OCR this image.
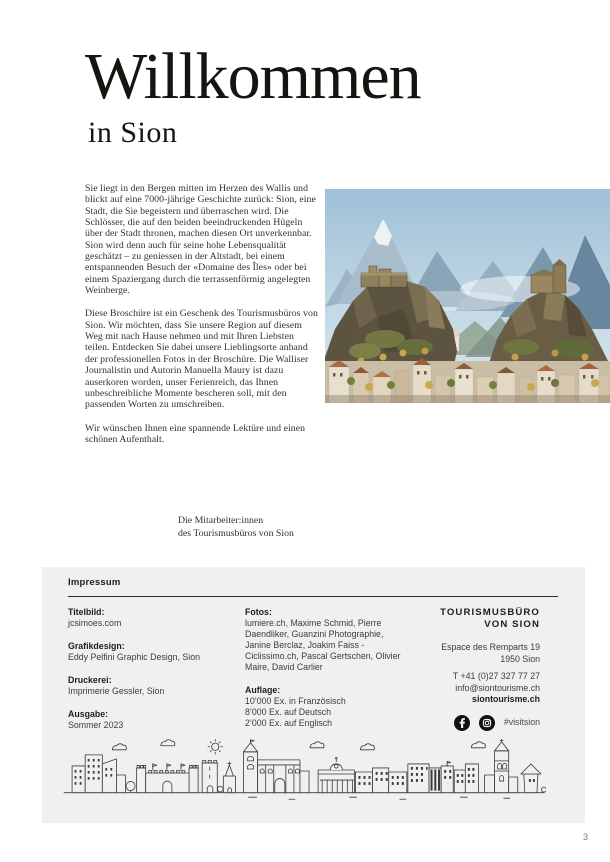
Willkommen
in Sion

Sie liegt in den Bergen mitten im Herzen des Wallis und blickt auf eine 7000-jährige Geschichte zurück: Sion, eine Stadt, die Sie begeistern und überraschen wird. Die Schlösser, die auf den beiden beeindruckenden Hügeln über der Stadt thronen, machen diesen Ort unverkennbar. Sion wird denn auch für seine hohe Lebensqualität geschätzt – zu geniessen in der Altstadt, bei einem entspannenden Besuch der «Domaine des Îles» oder bei einem Spaziergang durch die terrassenförmig angelegten Weinberge.

Diese Broschüre ist ein Geschenk des Tourismusbüros von Sion. Wir möchten, dass Sie unsere Region auf diesem Weg mit nach Hause nehmen und mit Ihren Liebsten teilen. Entdecken Sie dabei unsere Lieblingsorte anhand der professionellen Fotos in der Broschüre. Die Walliser Journalistin und Autorin Manuella Maury ist dazu auserkoren worden, unser Ferienreich, das Ihnen unbeschreibliche Momente bescheren soll, mit den passenden Worten zu umschreiben.

Wir wünschen Ihnen eine spannende Lektüre und einen schönen Aufenthalt.

Die Mitarbeiter:innen
des Tourismusbüros von Sion
Impressum
Titelbild:
jcsimoes.com
Grafikdesign:
Eddy Pelfini Graphic Design, Sion
Druckerei:
Imprimerie Gessler, Sion
Ausgabe:
Sommer 2023
Fotos:
lumiere.ch, Maxime Schmid, Pierre Daendliker, Guanzini Photographie, Janine Berclaz, Joakim Faiss - Ciclissimo.ch, Pascal Gertschen, Olivier Maire, David Carlier
Auflage:
10’000 Ex. in Französisch
8’000 Ex. auf Deutsch
2’000 Ex. auf Englisch
TOURISMUSBÜRO
VON SION
Espace des Remparts 19
1950 Sion
T +41 (0)27 327 77 27
info@siontourisme.ch
siontourisme.ch
#visitsion
3
